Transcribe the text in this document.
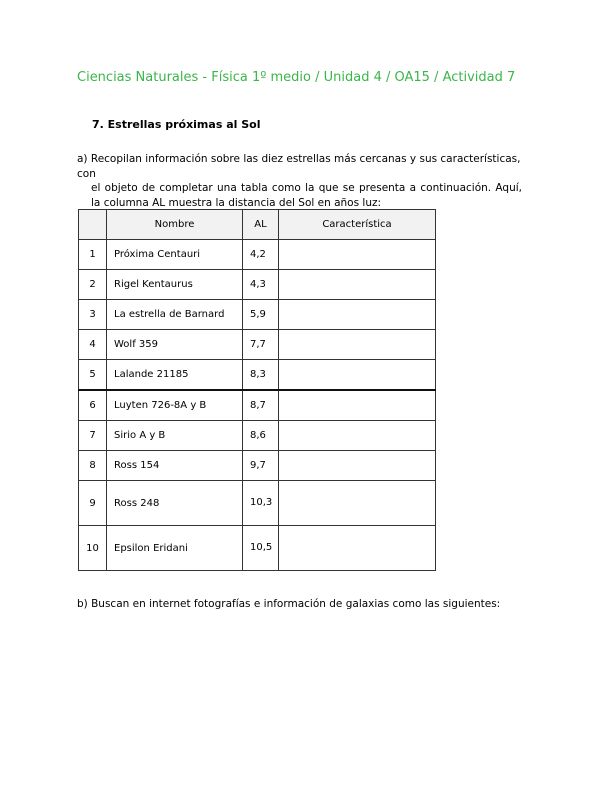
Ciencias Naturales - Física 1º medio / Unidad 4 / OA15 / Actividad 7
7. Estrellas próximas al Sol
a) Recopilan información sobre las diez estrellas más cercanas y sus características, con
el objeto de completar una tabla como la que se presenta a continuación. Aquí, la columna AL muestra la distancia del Sol en años luz:
	Nombre	AL	Característica
1	Próxima Centauri	4,2	
2	Rigel Kentaurus	4,3	
3	La estrella de Barnard	5,9	
4	Wolf 359	7,7	
5	Lalande 21185	8,3	
6	Luyten 726-8A y B	8,7	
7	Sirio A y B	8,6	
8	Ross 154	9,7	
9	Ross 248	10,3	
10	Epsilon Eridani	10,5	
b) Buscan en internet fotografías e información de galaxias como las siguientes:
